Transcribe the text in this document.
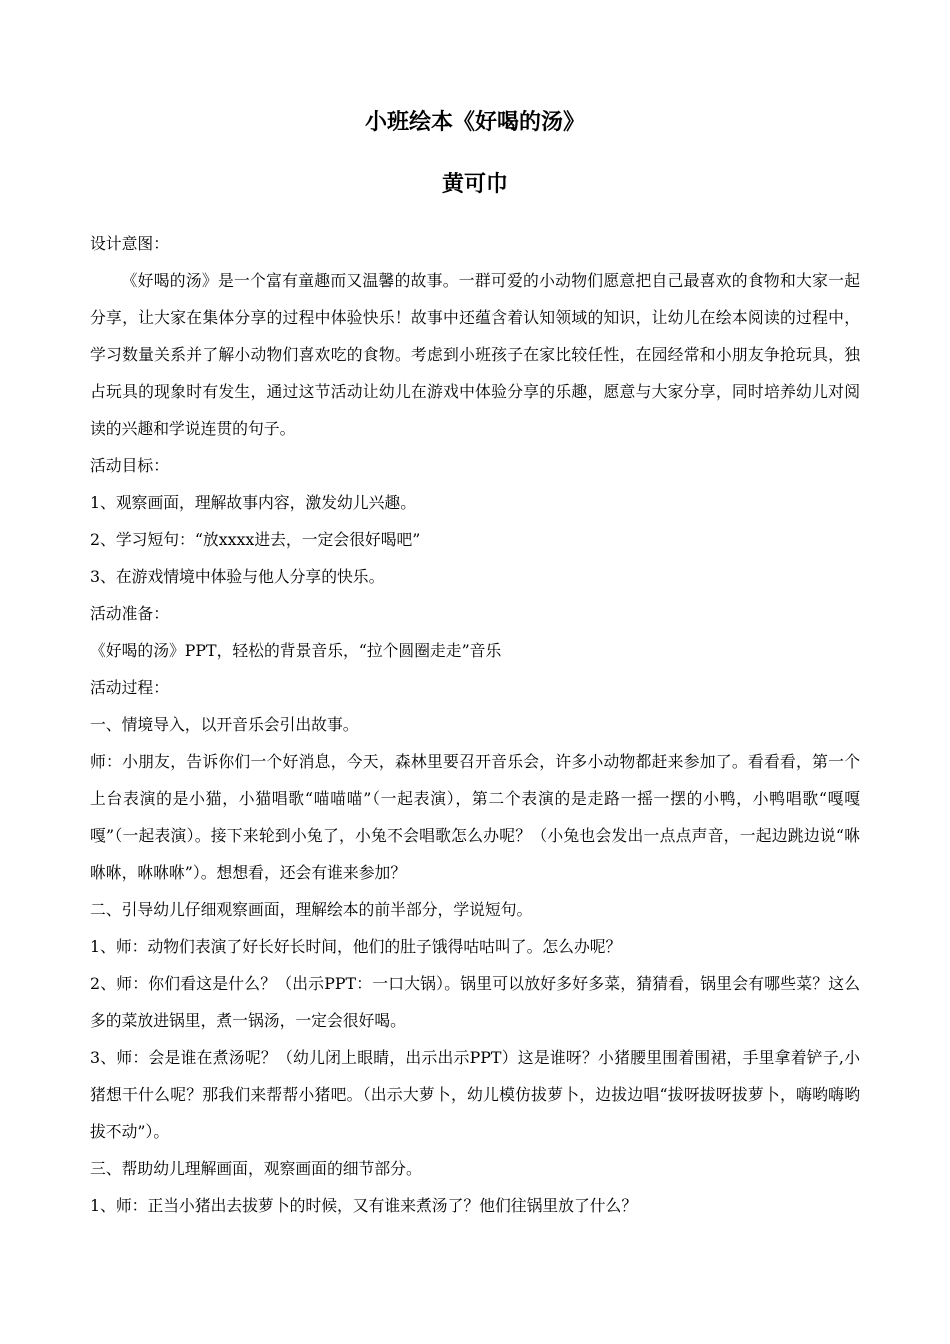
小班绘本《好喝的汤》
黄可巾

设计意图：

《好喝的汤》是一个富有童趣而又温馨的故事。一群可爱的小动物们愿意把自己最喜欢的食物和大家一起分享，让大家在集体分享的过程中体验快乐！故事中还蕴含着认知领域的知识，让幼儿在绘本阅读的过程中，学习数量关系并了解小动物们喜欢吃的食物。考虑到小班孩子在家比较任性，在园经常和小朋友争抢玩具，独占玩具的现象时有发生，通过这节活动让幼儿在游戏中体验分享的乐趣，愿意与大家分享，同时培养幼儿对阅读的兴趣和学说连贯的句子。

活动目标：

1、观察画面，理解故事内容，激发幼儿兴趣。

2、学习短句：“放xxxx进去，一定会很好喝吧”

3、在游戏情境中体验与他人分享的快乐。

活动准备：

《好喝的汤》PPT，轻松的背景音乐，“拉个圆圈走走”音乐

活动过程：

一、情境导入，以开音乐会引出故事。

师：小朋友，告诉你们一个好消息，今天，森林里要召开音乐会，许多小动物都赶来参加了。看看看，第一个上台表演的是小猫，小猫唱歌“喵喵喵”（一起表演），第二个表演的是走路一摇一摆的小鸭，小鸭唱歌“嘎嘎嘎”（一起表演）。接下来轮到小兔了，小兔不会唱歌怎么办呢？（小兔也会发出一点点声音，一起边跳边说“咻咻咻，咻咻咻”）。想想看，还会有谁来参加？

二、引导幼儿仔细观察画面，理解绘本的前半部分，学说短句。

1、师：动物们表演了好长好长时间，他们的肚子饿得咕咕叫了。怎么办呢？

2、师：你们看这是什么？（出示PPT：一口大锅）。锅里可以放好多好多菜，猜猜看，锅里会有哪些菜？这么多的菜放进锅里，煮一锅汤，一定会很好喝。

3、师：会是谁在煮汤呢？（幼儿闭上眼睛，出示出示PPT）这是谁呀？小猪腰里围着围裙，手里拿着铲子,小猪想干什么呢？那我们来帮帮小猪吧。（出示大萝卜，幼儿模仿拔萝卜，边拔边唱“拔呀拔呀拔萝卜，嗨哟嗨哟拔不动”）。

三、帮助幼儿理解画面，观察画面的细节部分。

1、师：正当小猪出去拔萝卜的时候，又有谁来煮汤了？他们往锅里放了什么？
